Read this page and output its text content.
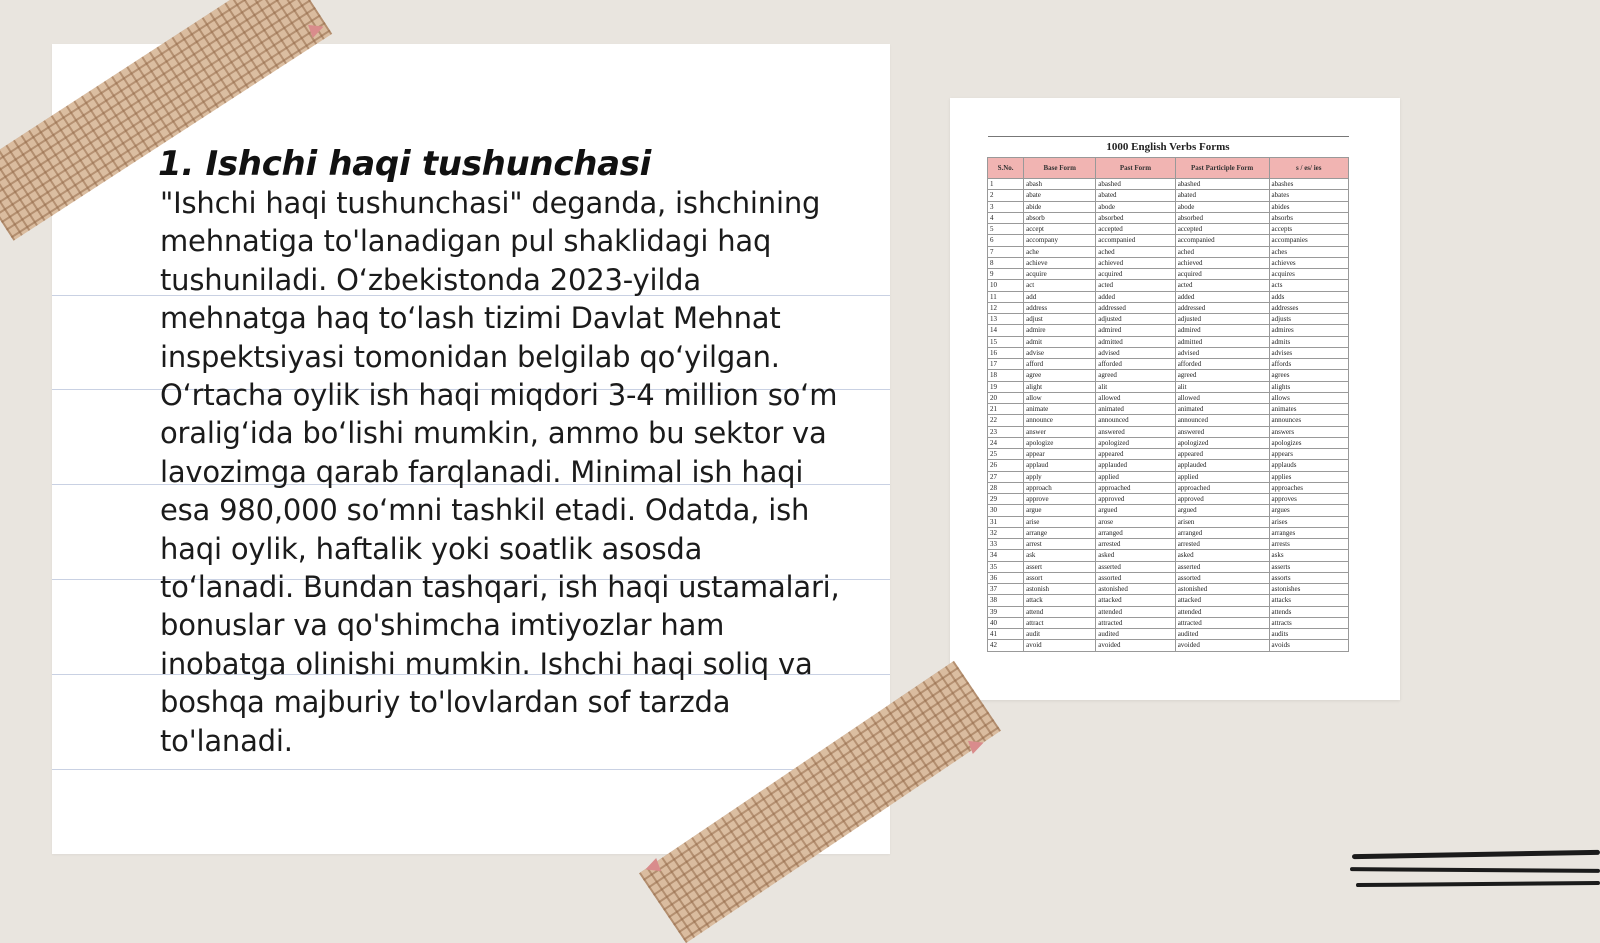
1. Ishchi haqi tushunchasi

"Ishchi haqi tushunchasi" deganda, ishchining mehnatiga to'lanadigan pul shaklidagi haq tushuniladi. O‘zbekistonda 2023-yilda mehnatga haq to‘lash tizimi Davlat Mehnat inspektsiyasi tomonidan belgilab qo‘yilgan. O‘rtacha oylik ish haqi miqdori 3-4 million so‘m oralig‘ida bo‘lishi mumkin, ammo bu sektor va lavozimga qarab farqlanadi. Minimal ish haqi esa 980,000 so‘mni tashkil etadi. Odatda, ish haqi oylik, haftalik yoki soatlik asosda to‘lanadi. Bundan tashqari, ish haqi ustamalari, bonuslar va qo'shimcha imtiyozlar ham inobatga olinishi mumkin. Ishchi haqi soliq va boshqa majburiy to'lovlardan sof tarzda to'lanadi.

1000 English Verbs Forms				
S.No.	Base Form	Past Form	Past Participle Form	s / es/ ies
1	abash	abashed	abashed	abashes
2	abate	abated	abated	abates
3	abide	abode	abode	abides
4	absorb	absorbed	absorbed	absorbs
5	accept	accepted	accepted	accepts
6	accompany	accompanied	accompanied	accompanies
7	ache	ached	ached	aches
8	achieve	achieved	achieved	achieves
9	acquire	acquired	acquired	acquires
10	act	acted	acted	acts
11	add	added	added	adds
12	address	addressed	addressed	addresses
13	adjust	adjusted	adjusted	adjusts
14	admire	admired	admired	admires
15	admit	admitted	admitted	admits
16	advise	advised	advised	advises
17	afford	afforded	afforded	affords
18	agree	agreed	agreed	agrees
19	alight	alit	alit	alights
20	allow	allowed	allowed	allows
21	animate	animated	animated	animates
22	announce	announced	announced	announces
23	answer	answered	answered	answers
24	apologize	apologized	apologized	apologizes
25	appear	appeared	appeared	appears
26	applaud	applauded	applauded	applauds
27	apply	applied	applied	applies
28	approach	approached	approached	approaches
29	approve	approved	approved	approves
30	argue	argued	argued	argues
31	arise	arose	arisen	arises
32	arrange	arranged	arranged	arranges
33	arrest	arrested	arrested	arrests
34	ask	asked	asked	asks
35	assert	asserted	asserted	asserts
36	assort	assorted	assorted	assorts
37	astonish	astonished	astonished	astonishes
38	attack	attacked	attacked	attacks
39	attend	attended	attended	attends
40	attract	attracted	attracted	attracts
41	audit	audited	audited	audits
42	avoid	avoided	avoided	avoids
